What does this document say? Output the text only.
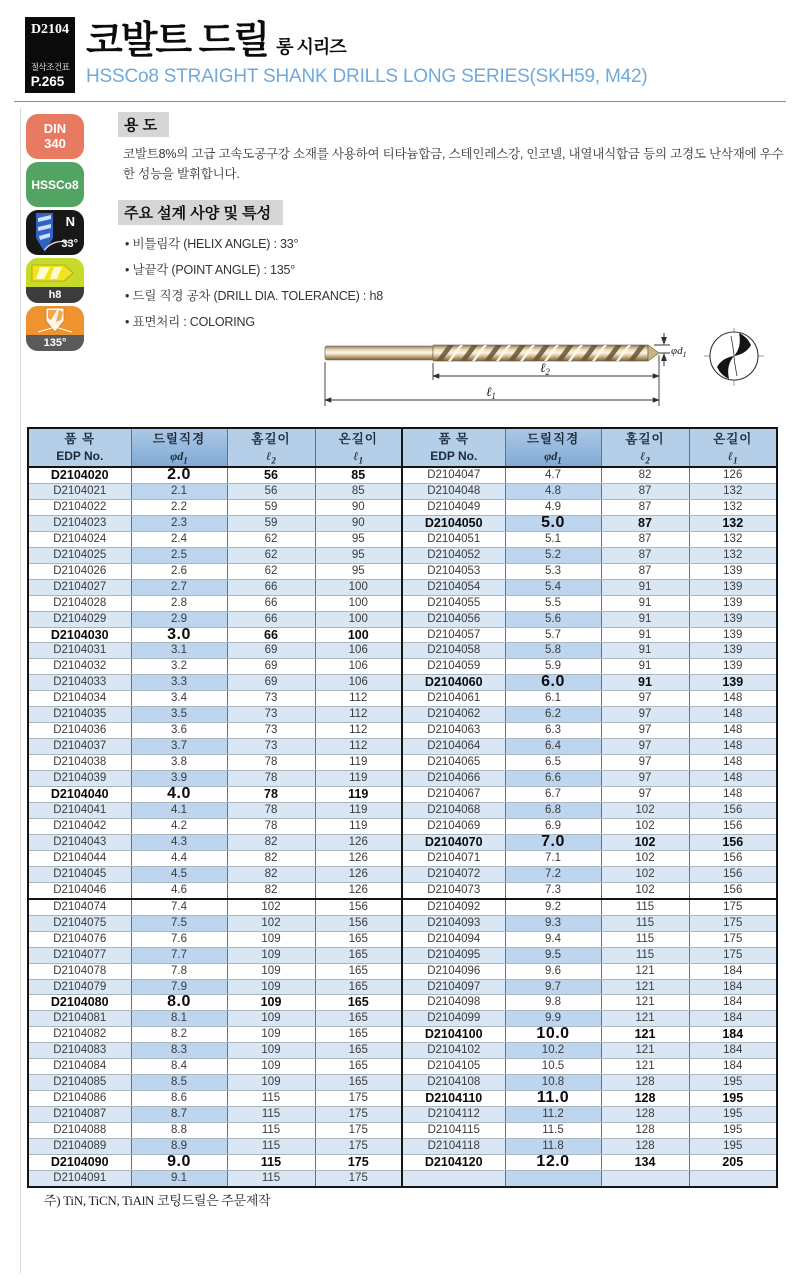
D2104
절삭조건표
P.265
코발트 드릴 롱 시리즈
HSSCo8 STRAIGHT SHANK DRILLS LONG SERIES(SKH59, M42)
DIN
340
HSSCo8
N
33°
h8
135°
용 도

코발트8%의 고급 고속도공구강 소재를 사용하여 티타늄합금, 스테인레스강, 인코넬, 내열내식합금 등의 고경도 난삭재에 우수한 성능을 발휘합니다.

주요 설계 사양 및 특성
• 비틀림각 (HELIX ANGLE) : 33°
• 날끝각 (POINT ANGLE) : 135°
• 드릴 직경 공차 (DRILL DIA. TOLERANCE) : h8
• 표면처리 : COLORING
$\varphi d_1$
ℓ$_2$
ℓ$_1$
품 목
EDP No.

드릴직경
$\varphi d_1$

홈길이
ℓ$_2$

온길이
ℓ$_1$

D2104020	2.0	56	85
D2104021	2.1	56	85
D2104022	2.2	59	90
D2104023	2.3	59	90
D2104024	2.4	62	95
D2104025	2.5	62	95
D2104026	2.6	62	95
D2104027	2.7	66	100
D2104028	2.8	66	100
D2104029	2.9	66	100
D2104030	3.0	66	100
D2104031	3.1	69	106
D2104032	3.2	69	106
D2104033	3.3	69	106
D2104034	3.4	73	112
D2104035	3.5	73	112
D2104036	3.6	73	112
D2104037	3.7	73	112
D2104038	3.8	78	119
D2104039	3.9	78	119
D2104040	4.0	78	119
D2104041	4.1	78	119
D2104042	4.2	78	119
D2104043	4.3	82	126
D2104044	4.4	82	126
D2104045	4.5	82	126
D2104046	4.6	82	126
D2104074	7.4	102	156
D2104075	7.5	102	156
D2104076	7.6	109	165
D2104077	7.7	109	165
D2104078	7.8	109	165
D2104079	7.9	109	165
D2104080	8.0	109	165
D2104081	8.1	109	165
D2104082	8.2	109	165
D2104083	8.3	109	165
D2104084	8.4	109	165
D2104085	8.5	109	165
D2104086	8.6	115	175
D2104087	8.7	115	175
D2104088	8.8	115	175
D2104089	8.9	115	175
D2104090	9.0	115	175
D2104091	9.1	115	175
품 목
EDP No.

드릴직경
$\varphi d_1$

홈길이
ℓ$_2$

온길이
ℓ$_1$

D2104047	4.7	82	126
D2104048	4.8	87	132
D2104049	4.9	87	132
D2104050	5.0	87	132
D2104051	5.1	87	132
D2104052	5.2	87	132
D2104053	5.3	87	139
D2104054	5.4	91	139
D2104055	5.5	91	139
D2104056	5.6	91	139
D2104057	5.7	91	139
D2104058	5.8	91	139
D2104059	5.9	91	139
D2104060	6.0	91	139
D2104061	6.1	97	148
D2104062	6.2	97	148
D2104063	6.3	97	148
D2104064	6.4	97	148
D2104065	6.5	97	148
D2104066	6.6	97	148
D2104067	6.7	97	148
D2104068	6.8	102	156
D2104069	6.9	102	156
D2104070	7.0	102	156
D2104071	7.1	102	156
D2104072	7.2	102	156
D2104073	7.3	102	156
D2104092	9.2	115	175
D2104093	9.3	115	175
D2104094	9.4	115	175
D2104095	9.5	115	175
D2104096	9.6	121	184
D2104097	9.7	121	184
D2104098	9.8	121	184
D2104099	9.9	121	184
D2104100	10.0	121	184
D2104102	10.2	121	184
D2104105	10.5	121	184
D2104108	10.8	128	195
D2104110	11.0	128	195
D2104112	11.2	128	195
D2104115	11.5	128	195
D2104118	11.8	128	195
D2104120	12.0	134	205

주) TiN, TiCN, TiAlN 코팅드릴은 주문제작
